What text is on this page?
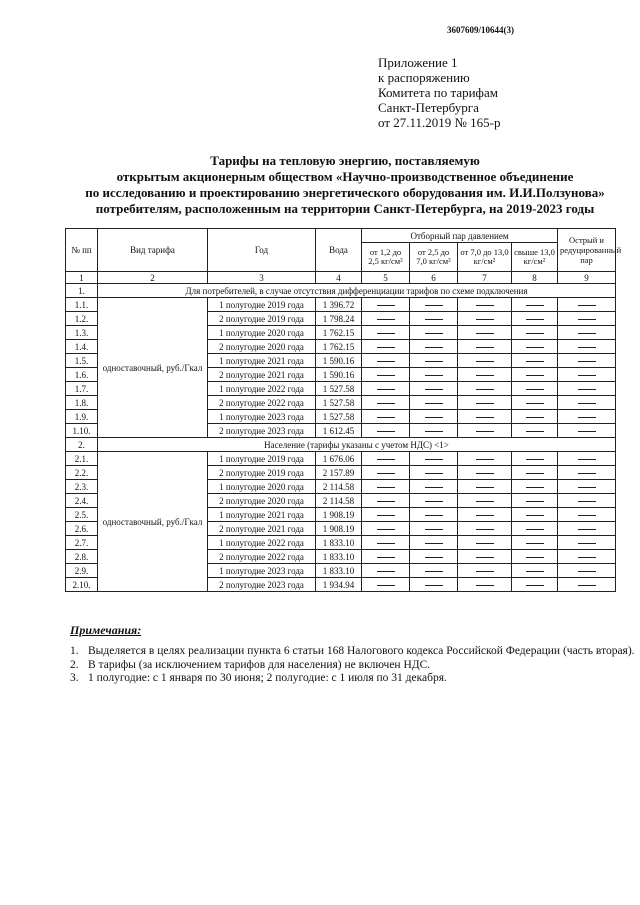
3607609/10644(3)
Приложение 1
к распоряжению
Комитета по тарифам
Санкт-Петербурга
от 27.11.2019 № 165-р
Тарифы на тепловую энергию, поставляемую
открытым акционерным обществом «Научно-производственное объединение
по исследованию и проектированию энергетического оборудования им. И.И.Ползунова»
потребителям, расположенным на территории Санкт-Петербурга, на 2019-2023 годы
№ пп	Вид тарифа	Год	Вода	Отборный пар давлением				Острый и редуцированный пар
				от 1,2 до 2,5 кг/см²	от 2,5 до 7,0 кг/см²	от 7,0 до 13,0 кг/см²	свыше 13,0 кг/см²	
1	2	3	4	5	6	7	8	9
1.	Для потребителей, в случае отсутствия дифференциации тарифов по схеме подключения							
1.1.	одноставочный, руб./Гкал	1 полугодие 2019 года	1 396.72					
1.2.		2 полугодие 2019 года	1 798.24					
1.3.		1 полугодие 2020 года	1 762.15					
1.4.		2 полугодие 2020 года	1 762.15					
1.5.		1 полугодие 2021 года	1 590.16					
1.6.		2 полугодие 2021 года	1 590.16					
1.7.		1 полугодие 2022 года	1 527.58					
1.8.		2 полугодие 2022 года	1 527.58					
1.9.		1 полугодие 2023 года	1 527.58					
1.10.		2 полугодие 2023 года	1 612.45					
2.	Население (тарифы указаны с учетом НДС) <1>							
2.1.	одноставочный, руб./Гкал	1 полугодие 2019 года	1 676.06					
2.2.		2 полугодие 2019 года	2 157.89					
2.3.		1 полугодие 2020 года	2 114.58					
2.4.		2 полугодие 2020 года	2 114.58					
2.5.		1 полугодие 2021 года	1 908.19					
2.6.		2 полугодие 2021 года	1 908.19					
2.7.		1 полугодие 2022 года	1 833.10					
2.8.		2 полугодие 2022 года	1 833.10					
2.9.		1 полугодие 2023 года	1 833.10					
2.10.		2 полугодие 2023 года	1 934.94					
Примечания:
1. Выделяется в целях реализации пункта 6 статьи 168 Налогового кодекса Российской Федерации (часть вторая).
2. В тарифы (за исключением тарифов для населения) не включен НДС.
3. 1 полугодие: с 1 января по 30 июня; 2 полугодие: с 1 июля по 31 декабря.
